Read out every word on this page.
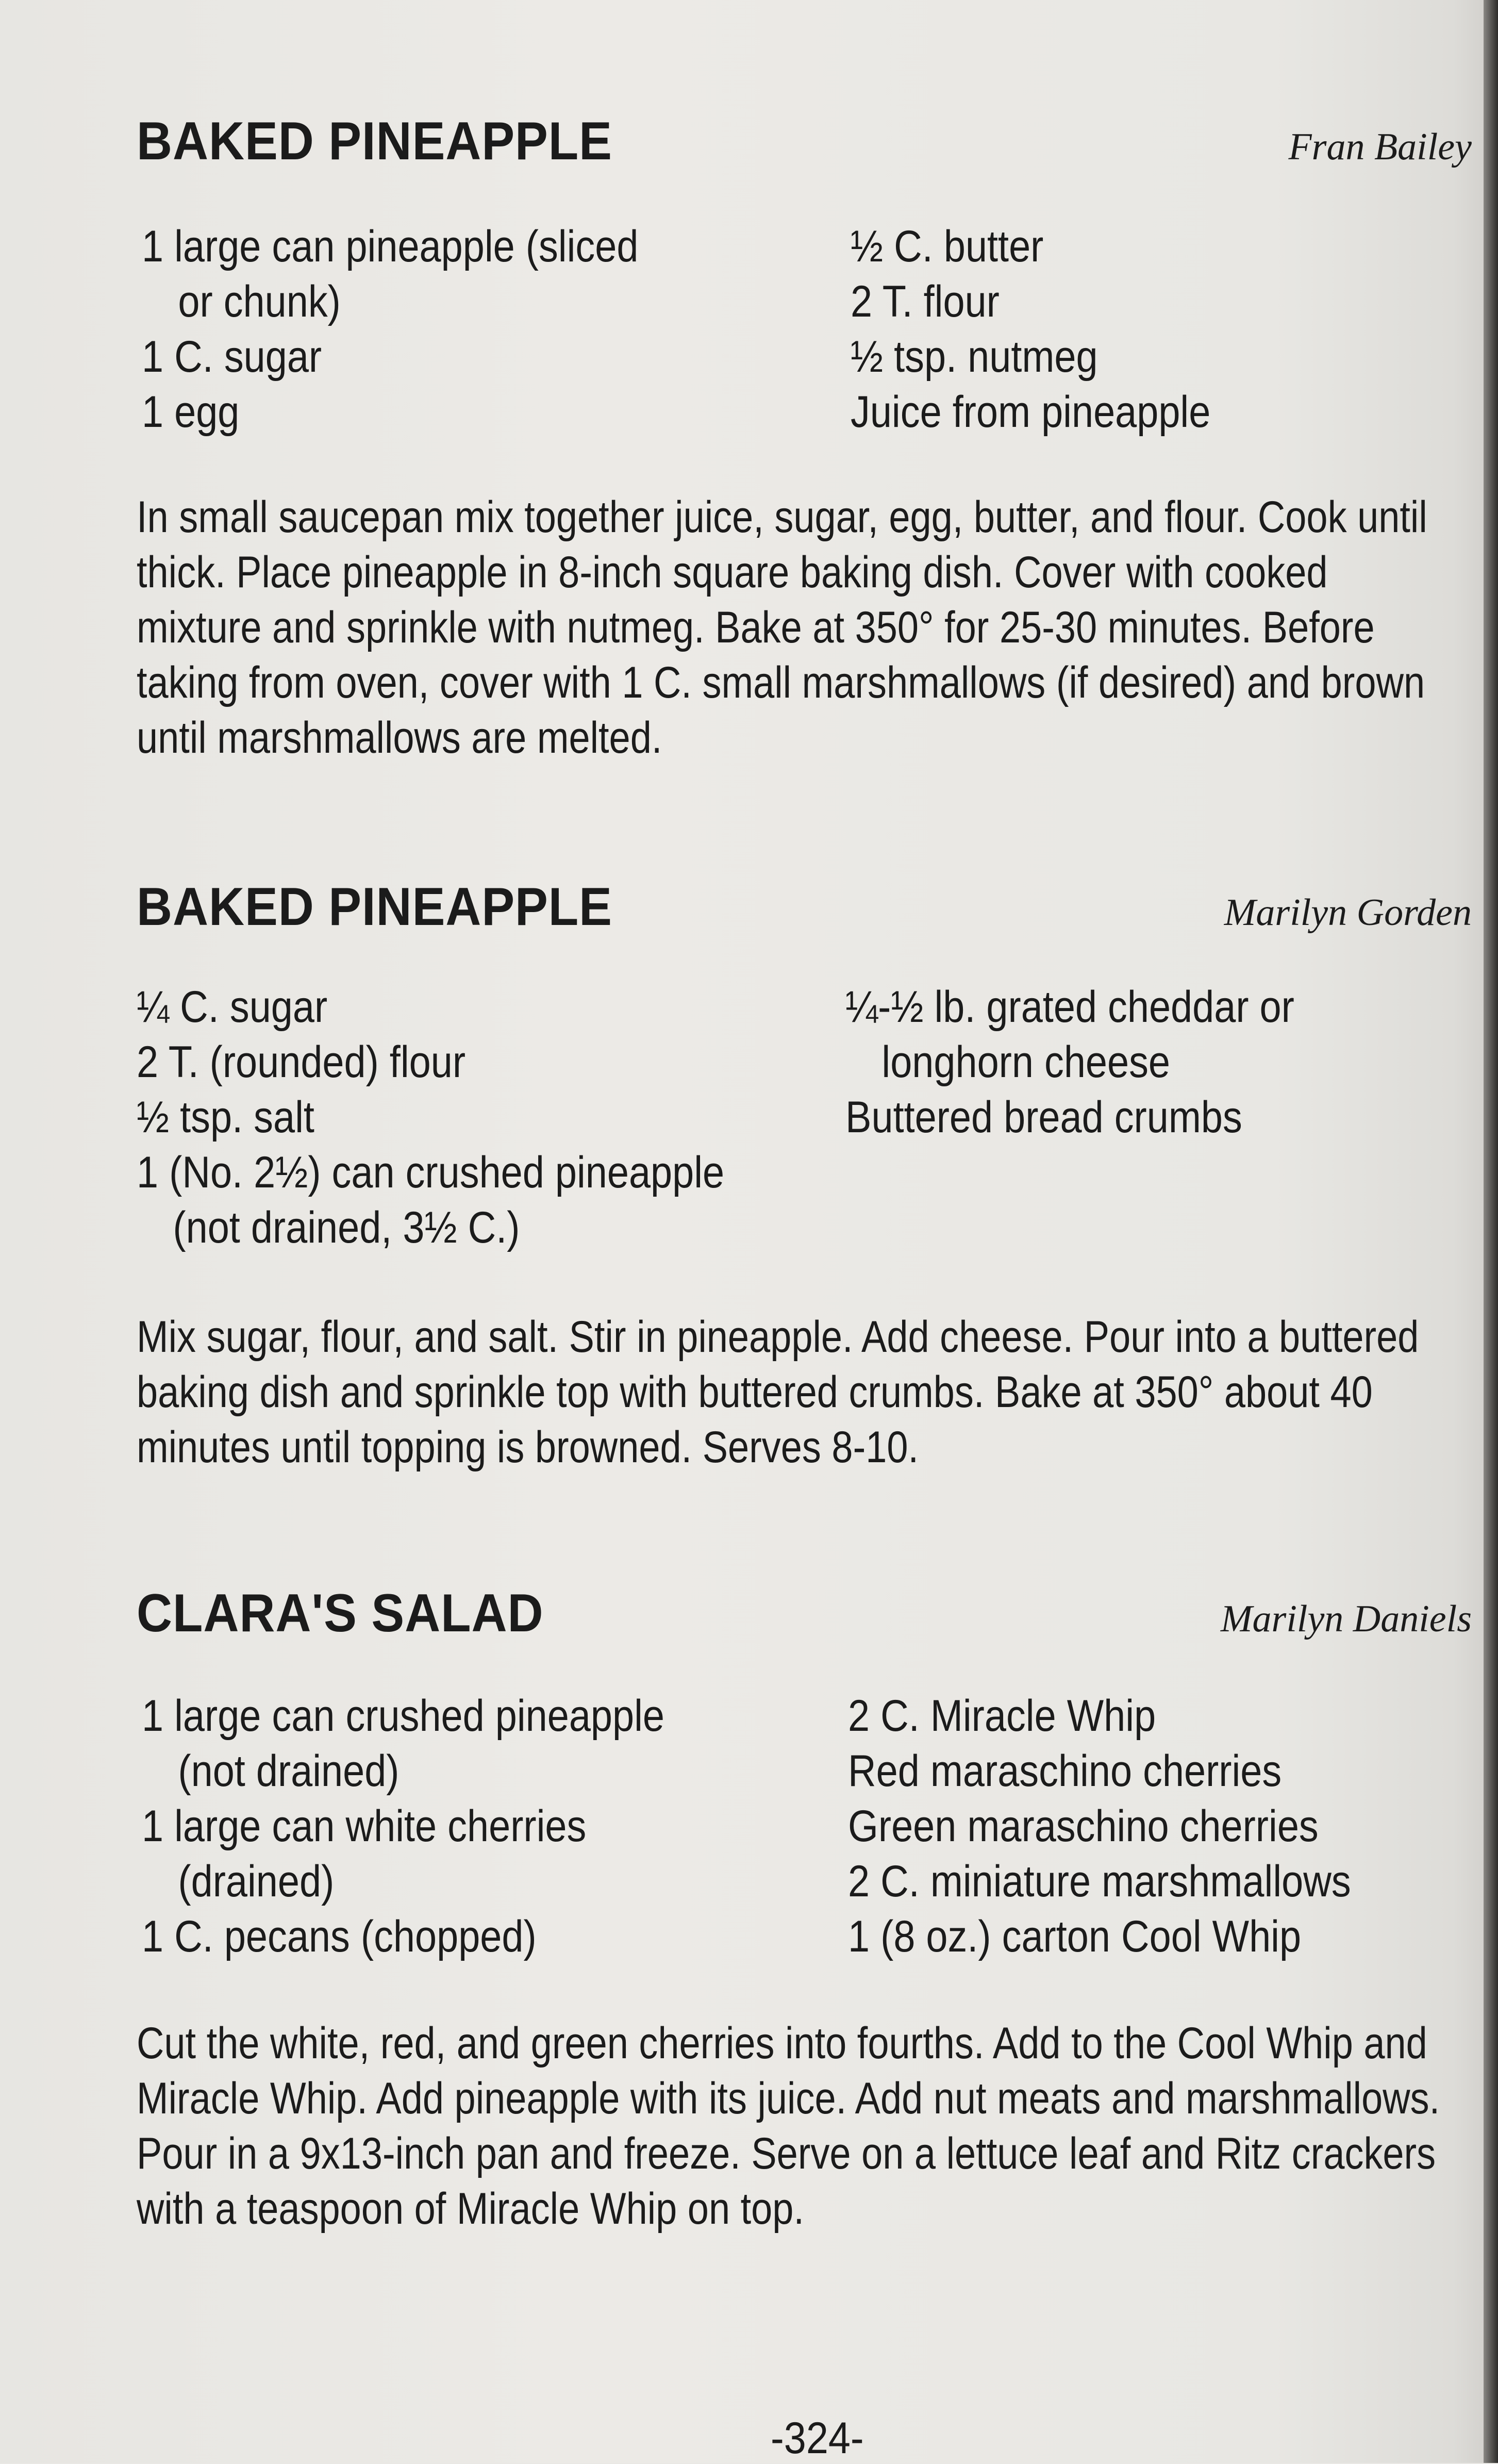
BAKED PINEAPPLE	Fran Bailey
1 large can pineapple (sliced
or chunk)
1 C. sugar
1 egg
½ C. butter
2 T. flour
½ tsp. nutmeg
Juice from pineapple
In small saucepan mix together juice, sugar, egg, butter, and flour. Cook until thick. Place pineapple in 8-inch square baking dish. Cover with cooked mixture and sprinkle with nutmeg. Bake at 350° for 25-30 minutes. Before taking from oven, cover with 1 C. small marshmallows (if desired) and brown until marshmallows are melted.
BAKED PINEAPPLE	Marilyn Gorden
¼ C. sugar
2 T. (rounded) flour
½ tsp. salt
1 (No. 2½) can crushed pineapple
(not drained, 3½ C.)
¼-½ lb. grated cheddar or
longhorn cheese
Buttered bread crumbs
Mix sugar, flour, and salt. Stir in pineapple. Add cheese. Pour into a buttered baking dish and sprinkle top with buttered crumbs. Bake at 350° about 40 minutes until topping is browned. Serves 8-10.
CLARA'S SALAD	Marilyn Daniels
1 large can crushed pineapple
(not drained)
1 large can white cherries
(drained)
1 C. pecans (chopped)
2 C. Miracle Whip
Red maraschino cherries
Green maraschino cherries
2 C. miniature marshmallows
1 (8 oz.) carton Cool Whip
Cut the white, red, and green cherries into fourths. Add to the Cool Whip and Miracle Whip. Add pineapple with its juice. Add nut meats and marshmallows. Pour in a 9x13-inch pan and freeze. Serve on a lettuce leaf and Ritz crackers with a teaspoon of Miracle Whip on top.
-324-
